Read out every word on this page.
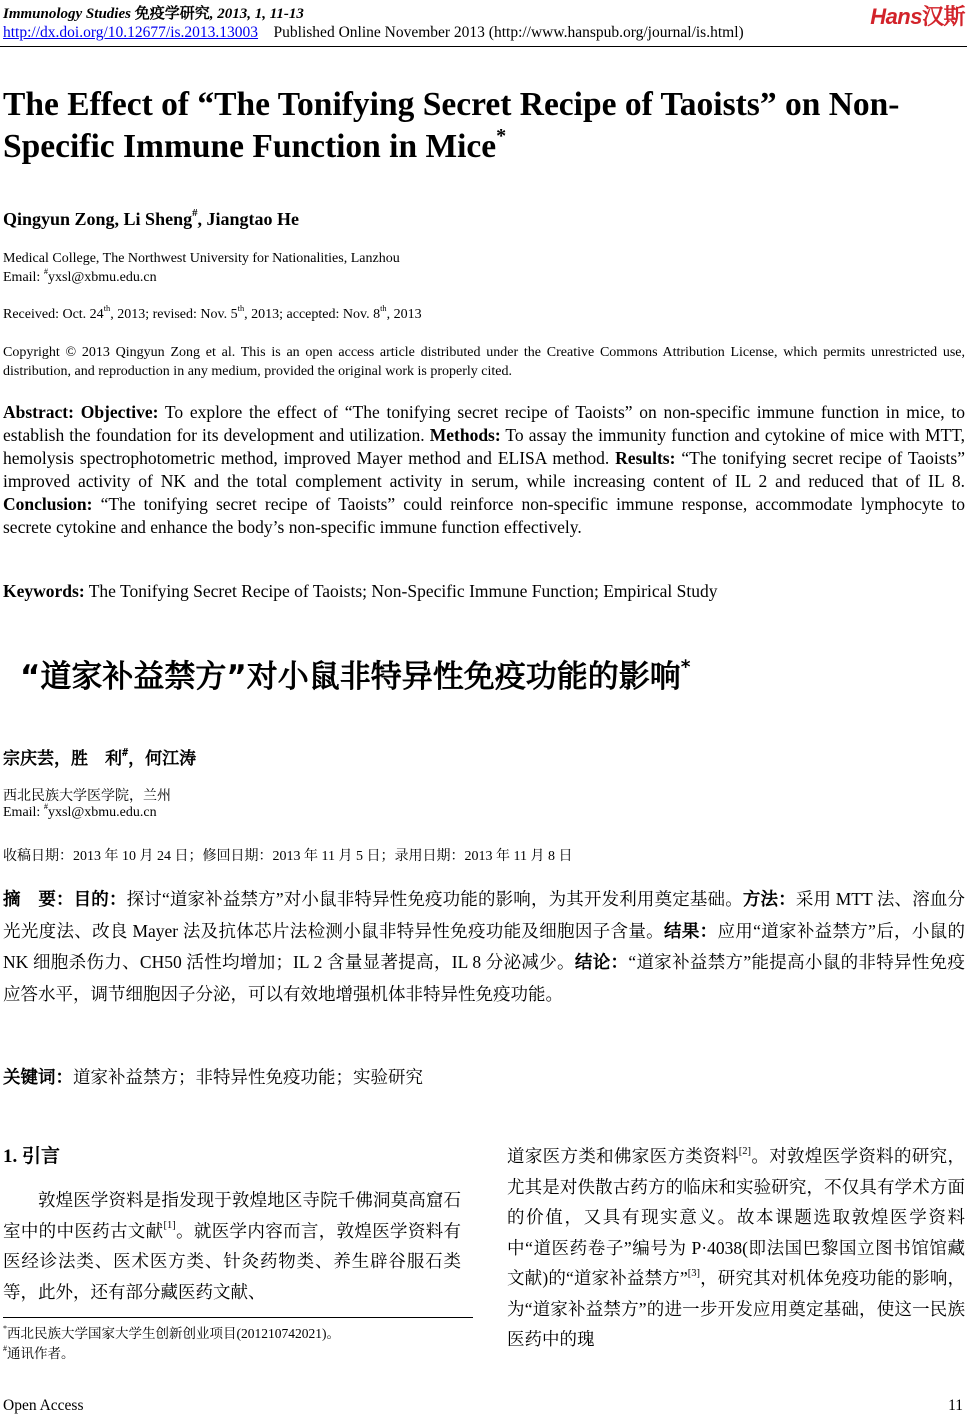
Immunology Studies 免疫学研究, 2013, 1, 11-13	Hans汉斯
http://dx.doi.org/10.12677/is.2013.13003 Published Online November 2013 (http://www.hanspub.org/journal/is.html)
The Effect of “The Tonifying Secret Recipe of Taoists” on Non-Specific Immune Function in Mice*
Qingyun Zong, Li Sheng#, Jiangtao He
Medical College, The Northwest University for Nationalities, Lanzhou
Email: #yxsl@xbmu.edu.cn
Received: Oct. 24th, 2013; revised: Nov. 5th, 2013; accepted: Nov. 8th, 2013
Copyright © 2013 Qingyun Zong et al. This is an open access article distributed under the Creative Commons Attribution License, which permits unrestricted use, distribution, and reproduction in any medium, provided the original work is properly cited.
Abstract: Objective: To explore the effect of “The tonifying secret recipe of Taoists” on non-specific immune function in mice, to establish the foundation for its development and utilization. Methods: To assay the immunity function and cytokine of mice with MTT, hemolysis spectrophotometric method, improved Mayer method and ELISA method. Results: “The tonifying secret recipe of Taoists” improved activity of NK and the total complement activity in serum, while increasing content of IL 2 and reduced that of IL 8. Conclusion: “The tonifying secret recipe of Taoists” could reinforce non-specific immune response, accommodate lymphocyte to secrete cytokine and enhance the body’s non-specific immune function effectively.
Keywords: The Tonifying Secret Recipe of Taoists; Non-Specific Immune Function; Empirical Study
“道家补益禁方”对小鼠非特异性免疫功能的影响*
宗庆芸，胜　利#，何江涛
西北民族大学医学院，兰州
Email: #yxsl@xbmu.edu.cn
收稿日期：2013 年 10 月 24 日；修回日期：2013 年 11 月 5 日；录用日期：2013 年 11 月 8 日
摘　要：目的：探讨“道家补益禁方”对小鼠非特异性免疫功能的影响，为其开发利用奠定基础。方法：采用 MTT 法、溶血分光光度法、改良 Mayer 法及抗体芯片法检测小鼠非特异性免疫功能及细胞因子含量。结果：应用“道家补益禁方”后，小鼠的 NK 细胞杀伤力、CH50 活性均增加；IL 2 含量显著提高，IL 8 分泌减少。结论：“道家补益禁方”能提高小鼠的非特异性免疫应答水平，调节细胞因子分泌，可以有效地增强机体非特异性免疫功能。
关键词：道家补益禁方；非特异性免疫功能；实验研究
1. 引言

敦煌医学资料是指发现于敦煌地区寺院千佛洞莫高窟石室中的中医药古文献[1]。就医学内容而言，敦煌医学资料有医经诊法类、医术医方类、针灸药物类、养生辟谷服石类等，此外，还有部分藏医药文献、

道家医方类和佛家医方类资料[2]。对敦煌医学资料的研究，尤其是对佚散古药方的临床和实验研究，不仅具有学术方面的价值，又具有现实意义。故本课题选取敦煌医学资料中“道医药卷子”编号为 P·4038(即法国巴黎国立图书馆馆藏文献)的“道家补益禁方”[3]，研究其对机体免疫功能的影响，为“道家补益禁方”的进一步开发应用奠定基础，使这一民族医药中的瑰

*西北民族大学国家大学生创新创业项目(201210742021)。
#通讯作者。
Open Access	11
